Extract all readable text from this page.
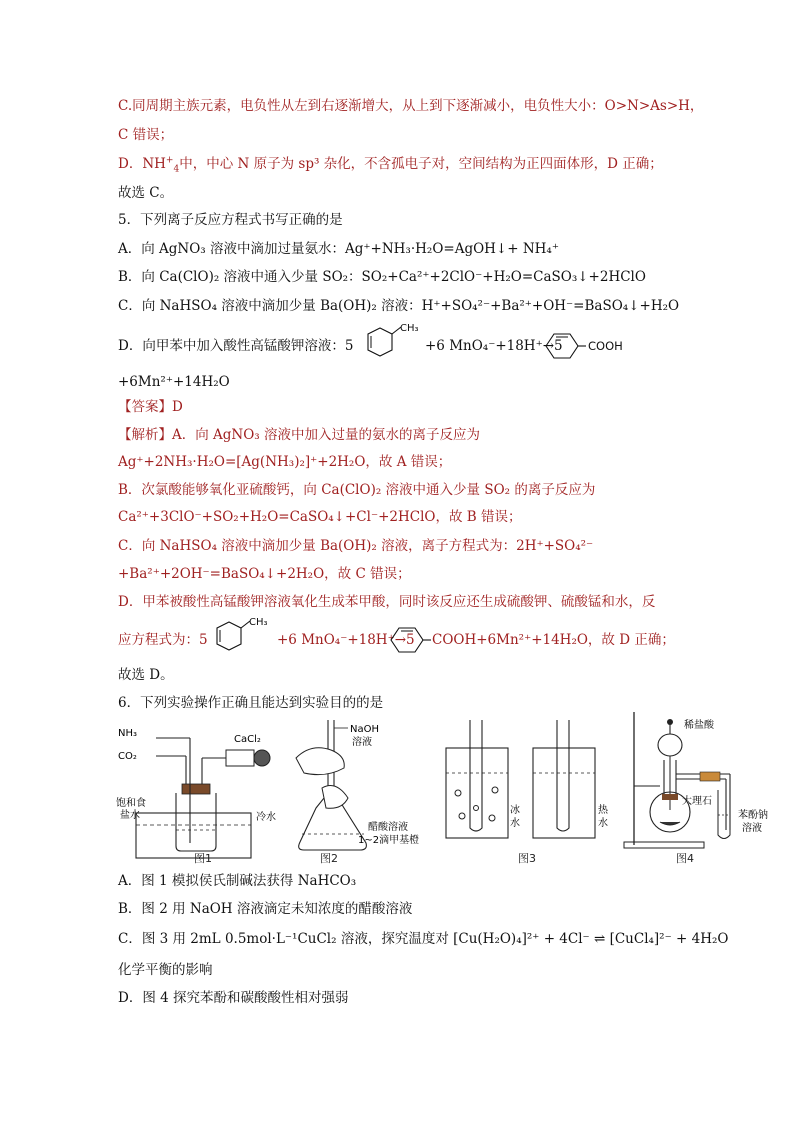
C.同周期主族元素，电负性从左到右逐渐增大，从上到下逐渐减小，电负性大小：O>N>As>H，
C 错误；
D．$NH^+_4$中，中心 N 原子为 sp³ 杂化，不含孤电子对，空间结构为正四面体形，D 正确；
故选 C。
5．下列离子反应方程式书写正确的是
A．向 AgNO₃ 溶液中滴加过量氨水：Ag⁺+NH₃·H₂O=AgOH↓+ NH₄⁺
B．向 Ca(ClO)₂ 溶液中通入少量 SO₂：SO₂+Ca²⁺+2ClO⁻+H₂O=CaSO₃↓+2HClO
C．向 NaHSO₄ 溶液中滴加少量 Ba(OH)₂ 溶液：H⁺+SO₄²⁻+Ba²⁺+OH⁻=BaSO₄↓+H₂O
D．向甲苯中加入酸性高锰酸钾溶液：5
CH₃
+6 MnO₄⁻+18H⁺→5 COOH
+6Mn²⁺+14H₂O
【答案】D
【解析】A．向 AgNO₃ 溶液中加入过量的氨水的离子反应为
Ag⁺+2NH₃·H₂O=[Ag(NH₃)₂]⁺+2H₂O，故 A 错误；
B．次氯酸能够氧化亚硫酸钙，向 Ca(ClO)₂ 溶液中通入少量 SO₂ 的离子反应为
Ca²⁺+3ClO⁻+SO₂+H₂O=CaSO₄↓+Cl⁻+2HClO，故 B 错误；
C．向 NaHSO₄ 溶液中滴加少量 Ba(OH)₂ 溶液，离子方程式为：2H⁺+SO₄²⁻
+Ba²⁺+2OH⁻=BaSO₄↓+2H₂O，故 C 错误；
D．甲苯被酸性高锰酸钾溶液氧化生成苯甲酸，同时该反应还生成硫酸钾、硫酸锰和水，反
应方程式为：5
CH₃
+6 MnO₄⁻+18H⁺→5 COOH+6Mn²⁺+14H₂O，故 D 正确；
故选 D。
6．下列实验操作正确且能达到实验目的的是
NH₃
CO₂
CaCl₂
饱和食
盐水	冷水
图1
NaOH
溶液
醋酸溶液
1~2滴甲基橙
图2
冰
水
热
水
图3
稀盐酸
大理石
苯酚钠
溶液
图4
A．图 1 模拟侯氏制碱法获得 NaHCO₃
B．图 2 用 NaOH 溶液滴定未知浓度的醋酸溶液
C．图 3 用 2mL 0.5mol·L⁻¹CuCl₂ 溶液，探究温度对 [Cu(H₂O)₄]²⁺ + 4Cl⁻ ⇌ [CuCl₄]²⁻ + 4H₂O
化学平衡的影响
D．图 4 探究苯酚和碳酸酸性相对强弱
